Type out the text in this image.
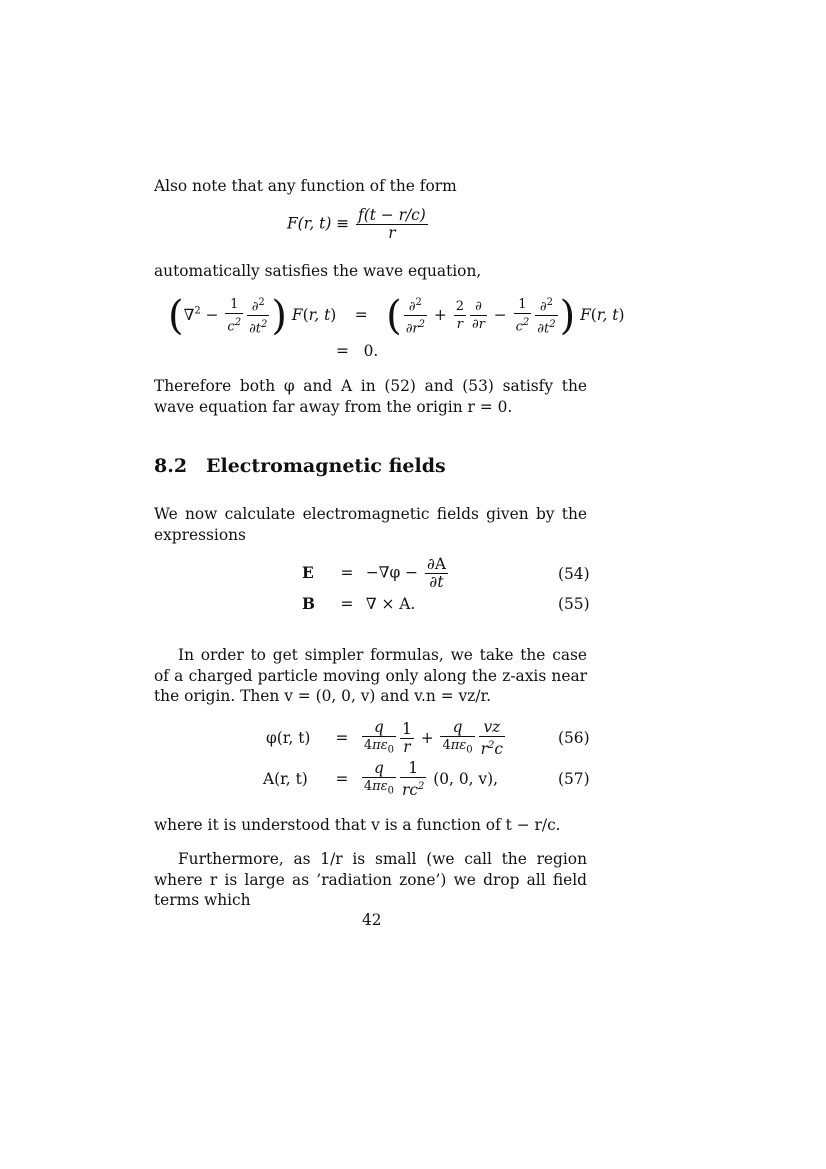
Also note that any function of the form
F(r, $t) \equiv \frac{f(t - r/c)}{r}$
automatically satisfies the wave equation,
($\nabla^2 - \frac{1}{c^2} \frac{\partial^2}{\partial t^2}$ ) F(r, t) = ( $\frac{\partial^2}{\partial r^2} + \frac{2}{r} \frac{\partial}{\partial r} - \frac{1}{c^2} \frac{\partial^2}{\partial t^2}$ ) F(r, t)
= 0.
Therefore both φ and A in (52) and (53) satisfy the wave equation far away from the origin r = 0.
8.2 Electromagnetic fields
We now calculate electromagnetic fields given by the expressions
$E = -\nabla\varphi - \frac{\partial A}{\partial t}$	(54)
B = ∇ × A.	(55)
In order to get simpler formulas, we take the case of a charged particle moving only along the z-axis near the origin. Then v = (0, 0, v) and v.n = vz/r.
φ(r, $t) = \frac{q}{4\pi\varepsilon_0} \frac{1}{r} + \frac{q}{4\pi\varepsilon_0} \frac{vz}{r^2c}$	(56)
A(r, $t) = \frac{q}{4\pi\varepsilon_0} \frac{1}{rc^2} (0$, 0, v),	(57)
where it is understood that v is a function of t − r/c.
Furthermore, as 1/r is small (we call the region where r is large as ’radiation zone’) we drop all field terms which
42
